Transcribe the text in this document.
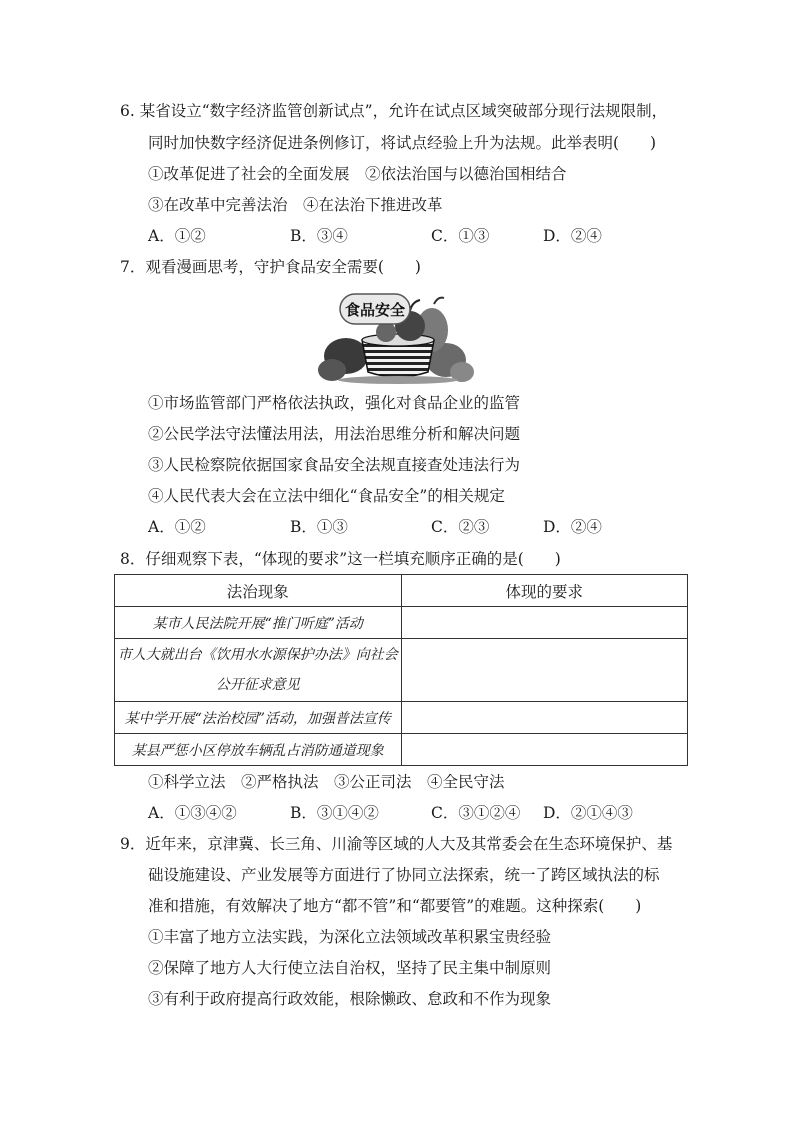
6. 某省设立“数字经济监管创新试点”，允许在试点区域突破部分现行法规限制，
同时加快数字经济促进条例修订，将试点经验上升为法规。此举表明(　　)
①改革促进了社会的全面发展　②依法治国与以德治国相结合
③在改革中完善法治　④在法治下推进改革
A．①②	B．③④	C．①③	D．②④
7．观看漫画思考，守护食品安全需要(　　)
食品安全
①市场监管部门严格依法执政，强化对食品企业的监管
②公民学法守法懂法用法，用法治思维分析和解决问题
③人民检察院依据国家食品安全法规直接查处违法行为
④人民代表大会在立法中细化“食品安全”的相关规定
A．①②	B．①③	C．②③	D．②④
8．仔细观察下表，“体现的要求”这一栏填充顺序正确的是(　　)
法治现象	体现的要求
某市人民法院开展“推门听庭”活动	

市人大就出台《饮用水水源保护办法》向社会
公开征求意见	

某中学开展“法治校园”活动，加强普法宣传	
某县严惩小区停放车辆乱占消防通道现象	
①科学立法　②严格执法　③公正司法　④全民守法
A．①③④②	B．③①④②	C．③①②④ D．②①④③
9．近年来，京津冀、长三角、川渝等区域的人大及其常委会在生态环境保护、基
础设施建设、产业发展等方面进行了协同立法探索，统一了跨区域执法的标
准和措施，有效解决了地方“都不管”和“都要管”的难题。这种探索(　　)
①丰富了地方立法实践，为深化立法领域改革积累宝贵经验
②保障了地方人大行使立法自治权，坚持了民主集中制原则
③有利于政府提高行政效能，根除懒政、怠政和不作为现象
